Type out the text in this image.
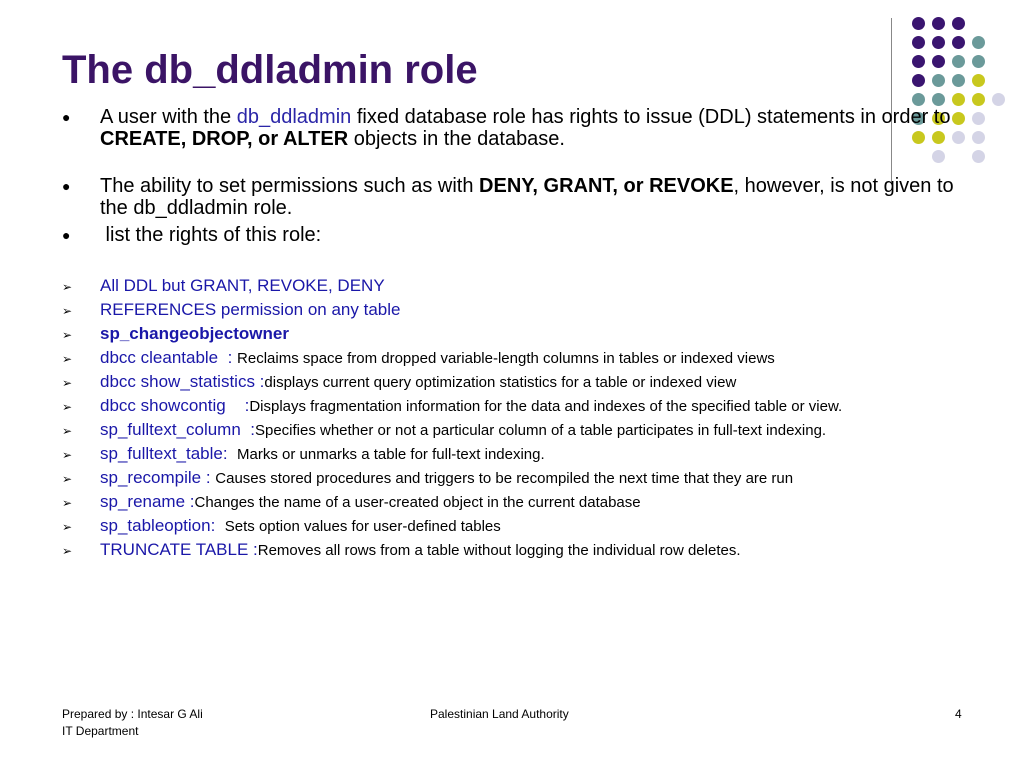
The db_ddladmin role
● A user with the db_ddladmin fixed database role has rights to issue (DDL) statements in order to CREATE, DROP, or ALTER objects in the database.
● The ability to set permissions such as with DENY, GRANT, or REVOKE, however, is not given to the db_ddladmin role.
● list the rights of this role:
➢ All DDL but GRANT, REVOKE, DENY
➢ REFERENCES permission on any table
➢ sp_changeobjectowner
➢ dbcc cleantable  : Reclaims space from dropped variable-length columns in tables or indexed views
➢ dbcc show_statistics :displays current query optimization statistics for a table or indexed view
➢ dbcc showcontig    :Displays fragmentation information for the data and indexes of the specified table or view.
➢ sp_fulltext_column  :Specifies whether or not a particular column of a table participates in full-text indexing.
➢ sp_fulltext_table:  Marks or unmarks a table for full-text indexing.
➢ sp_recompile : Causes stored procedures and triggers to be recompiled the next time that they are run
➢ sp_rename :Changes the name of a user-created object in the current database
➢ sp_tableoption:  Sets option values for user-defined tables
➢ TRUNCATE TABLE :Removes all rows from a table without logging the individual row deletes.
Prepared by : Intesar G Ali
IT Department
Palestinian Land Authority	4
